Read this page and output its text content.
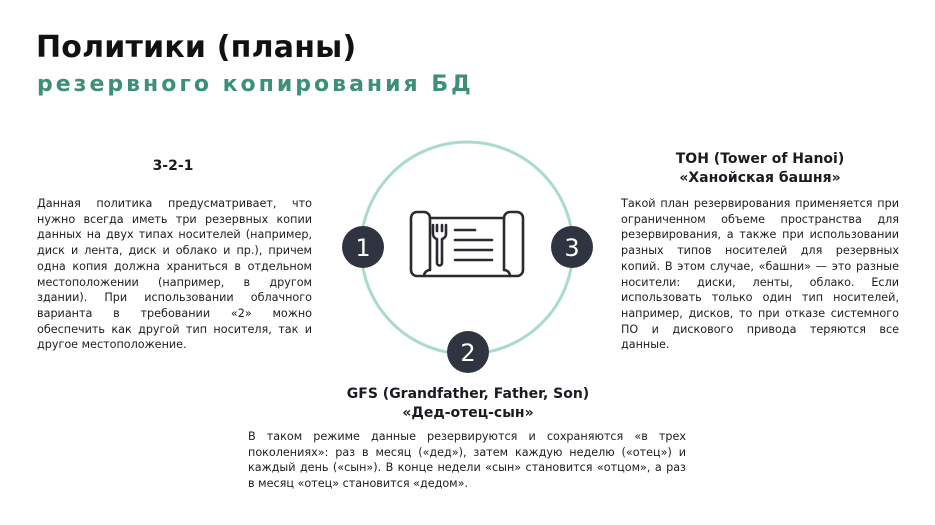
Политики (планы)
резервного копирования БД
1
2
3
3-2-1

Данная политика предусматривает, что нужно всегда иметь три резервных копии данных на двух типах носителей (например, диск и лента, диск и облако и пр.), причем одна копия должна храниться в отдельном местоположении (например, в другом здании). При использовании облачного варианта в требовании «2» можно обеспечить как другой тип носителя, так и другое местоположение.

TOH (Tower of Hanoi)
«Ханойская башня»

Такой план резервирования применяется при ограниченном объеме пространства для резервирования, а также при использовании разных типов носителей для резервных копий. В этом случае, «башни» — это разные носители: диски, ленты, облако. Если использовать только один тип носителей, например, дисков, то при отказе системного ПО и дискового привода теряются все данные.

GFS (Grandfather, Father, Son)
«Дед-отец-сын»

В таком режиме данные резервируются и сохраняются «в трех поколениях»: раз в месяц («дед»), затем каждую неделю («отец») и каждый день («сын»). В конце недели «сын» становится «отцом», а раз в месяц «отец» становится «дедом».
